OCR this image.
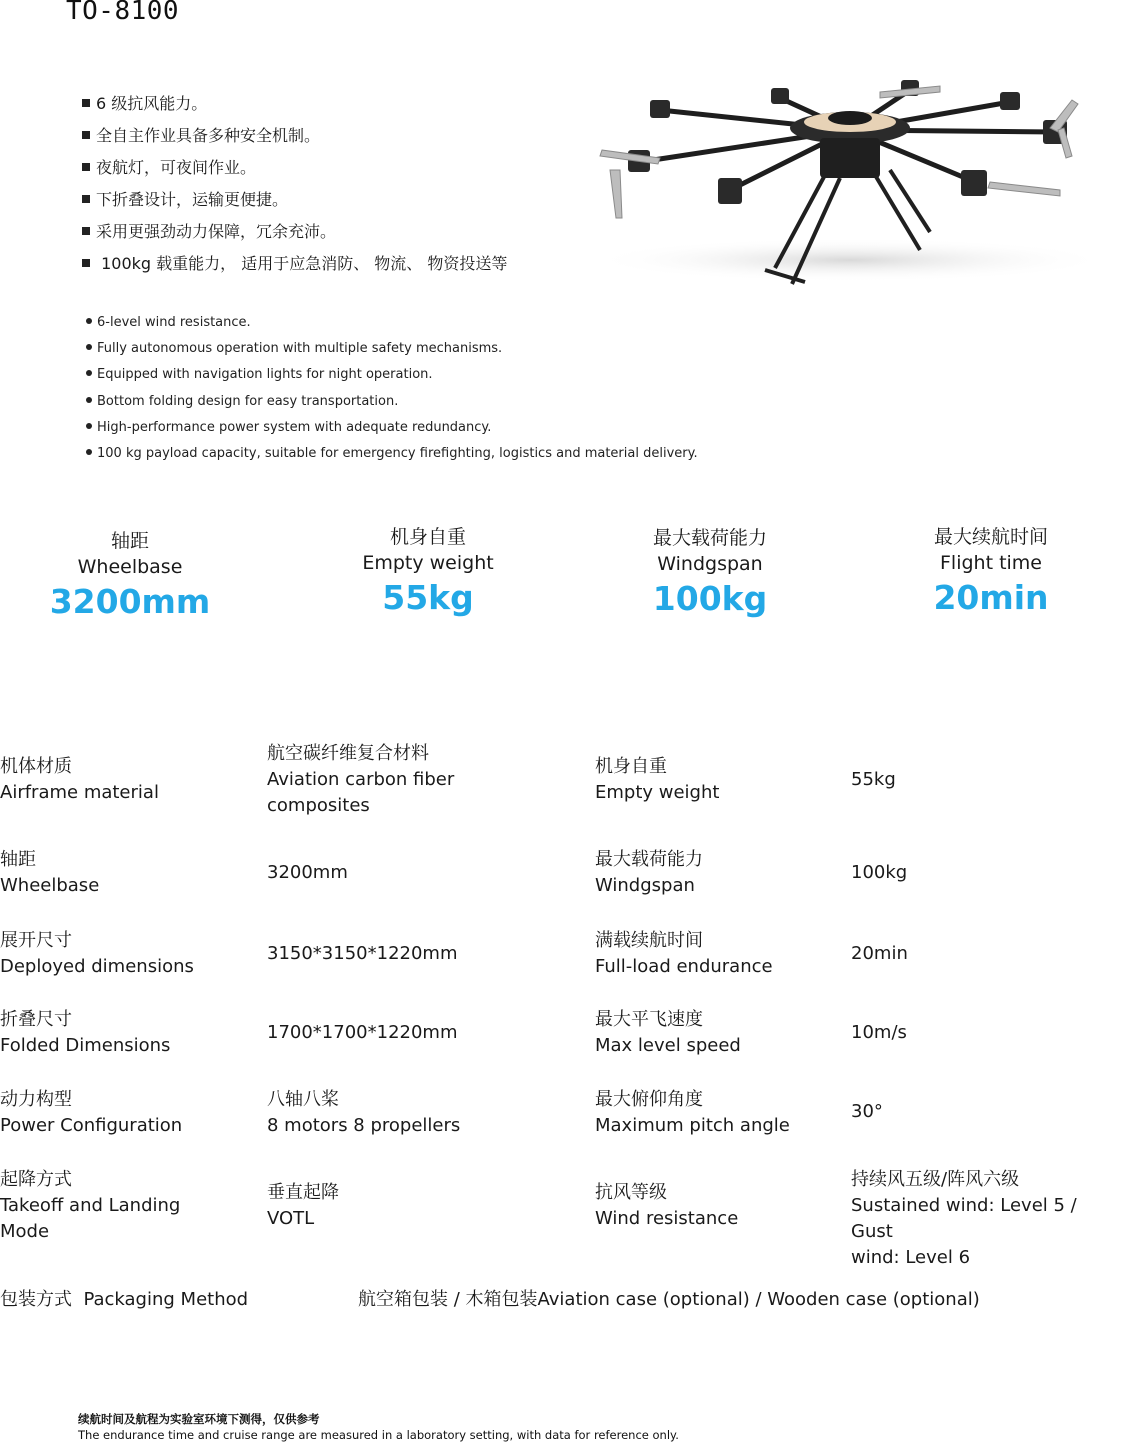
TO-8100
6 级抗风能力。
全自主作业具备多种安全机制。
夜航灯，可夜间作业。
下折叠设计，运输更便捷。
采用更强劲动力保障，冗余充沛。
100kg 载重能力， 适用于应急消防、 物流、 物资投送等
6-level wind resistance.
Fully autonomous operation with multiple safety mechanisms.
Equipped with navigation lights for night operation.
Bottom folding design for easy transportation.
High-performance power system with adequate redundancy.
100 kg payload capacity, suitable for emergency firefighting, logistics and material delivery.
轴距
Wheelbase
3200mm
机身自重
Empty weight
55kg
最大载荷能力
Windgspan
100kg
最大续航时间
Flight time
20min
机体材质
Airframe material
航空碳纤维复合材料
Aviation carbon fiber
composites
机身自重
Empty weight
55kg
轴距
Wheelbase
3200mm
最大载荷能力
Windgspan
100kg
展开尺寸
Deployed dimensions
3150*3150*1220mm
满载续航时间
Full-load endurance
20min
折叠尺寸
Folded Dimensions
1700*1700*1220mm
最大平飞速度
Max level speed
10m/s
动力构型
Power Configuration
八轴八桨
8 motors 8 propellers
最大俯仰角度
Maximum pitch angle
30°
起降方式
Takeoff and Landing
Mode
垂直起降
VOTL
抗风等级
Wind resistance
持续风五级/阵风六级
Sustained wind: Level 5 / Gust
wind: Level 6
包装方式  Packaging Method	航空箱包装 / 木箱包装Aviation case (optional) / Wooden case (optional)
续航时间及航程为实验室环境下测得，仅供参考
The endurance time and cruise range are measured in a laboratory setting, with data for reference only.
